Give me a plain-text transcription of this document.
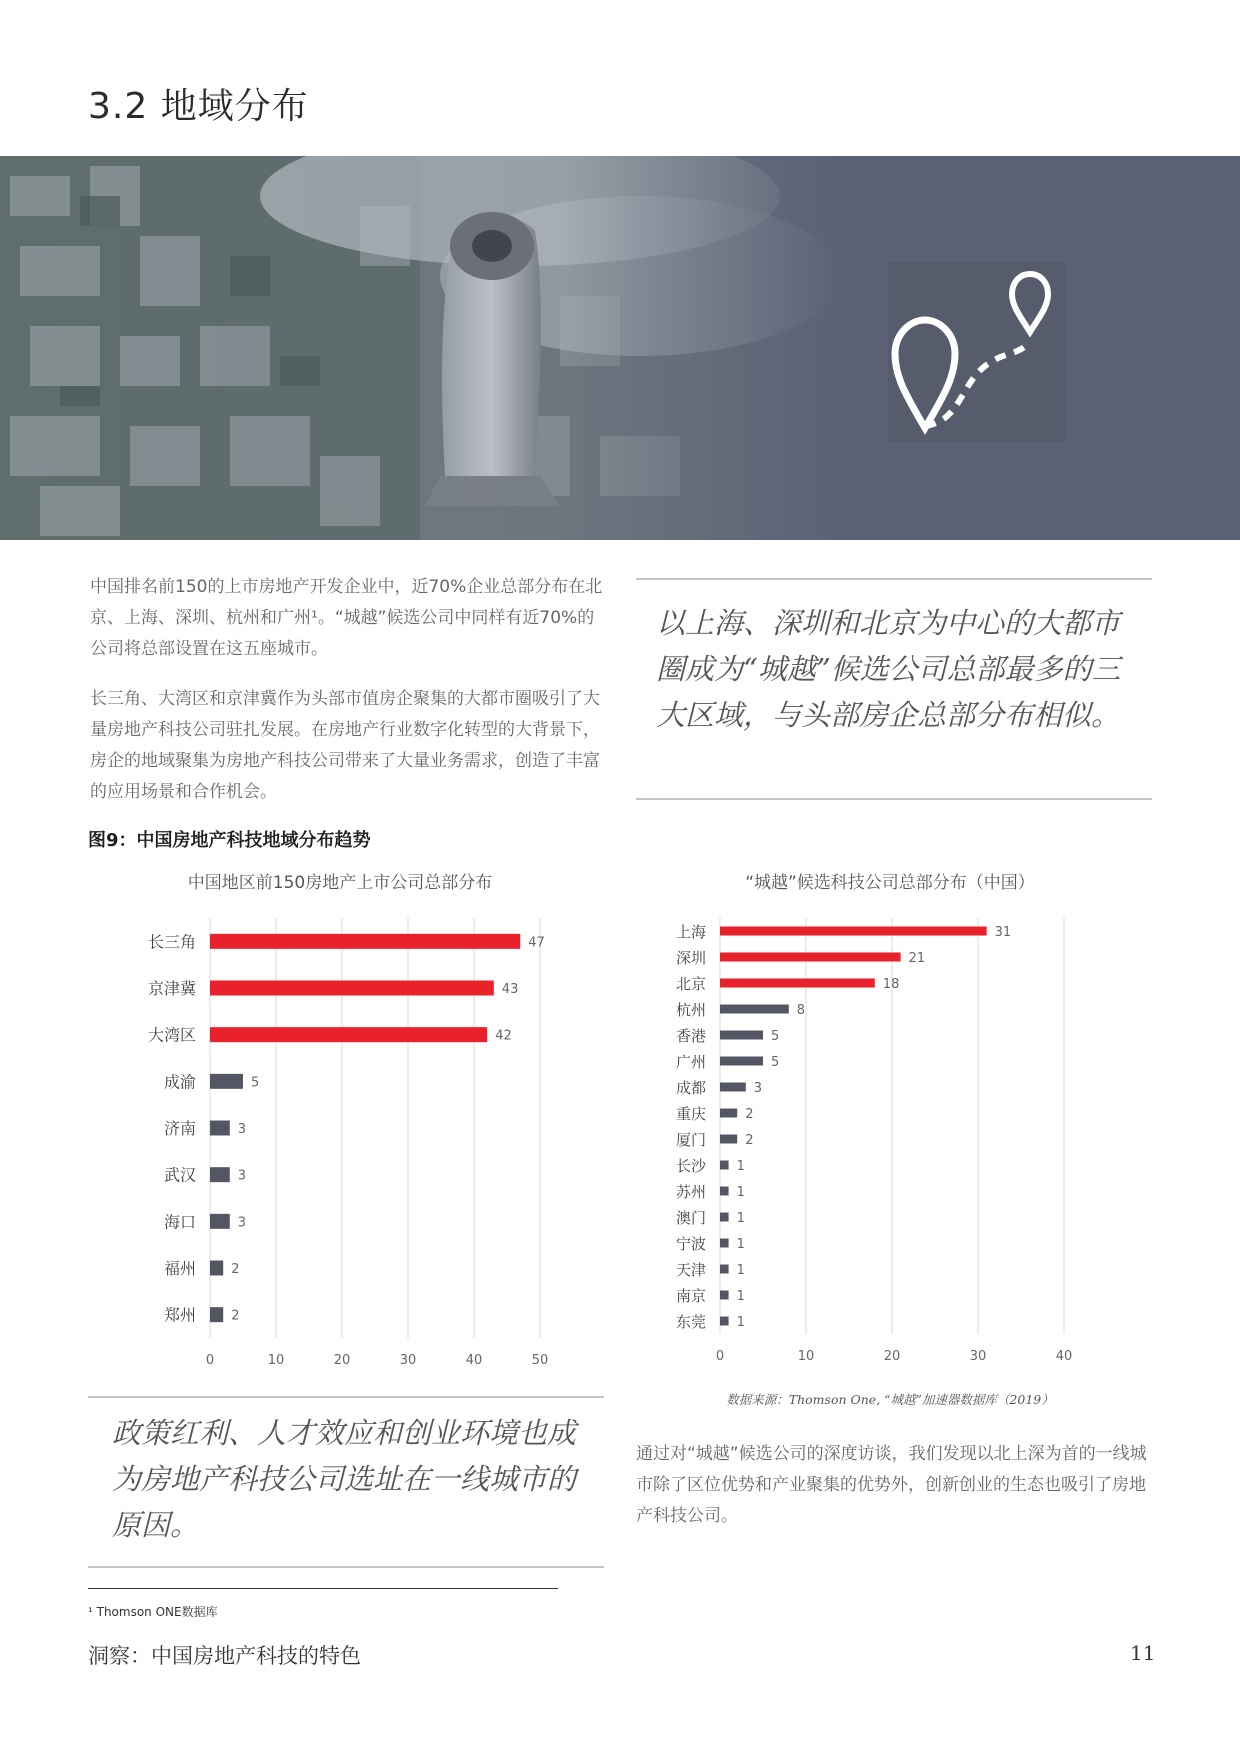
3.2 地域分布
中国排名前150的上市房地产开发企业中，近70%企业总部分布在北京、上海、深圳、杭州和广州¹。“城越”候选公司中同样有近70%的公司将总部设置在这五座城市。
长三角、大湾区和京津冀作为头部市值房企聚集的大都市圈吸引了大量房地产科技公司驻扎发展。在房地产行业数字化转型的大背景下，房企的地域聚集为房地产科技公司带来了大量业务需求，创造了丰富的应用场景和合作机会。
以上海、深圳和北京为中心的大都市圈成为“城越”候选公司总部最多的三大区域，与头部房企总部分布相似。
图9：中国房地产科技地域分布趋势
中国地区前150房地产上市公司总部分布	“城越”候选科技公司总部分布（中国）
0	10	20	30	40	50
长三角	47
京津冀	43
大湾区	42
成渝	5
济南	3
武汉	3
海口	3
福州	2
郑州	2
0	10	20	30	40
上海	31
深圳	21
北京	18
杭州	8
香港	5
广州	5
成都	3
重庆	2
厦门	2
长沙 1
苏州 1
澳门 1
宁波 1
天津 1
南京 1
东莞 1
数据来源：Thomson One, “城越”加速器数据库（2019）
政策红利、人才效应和创业环境也成为房地产科技公司选址在一线城市的原因。
通过对“城越”候选公司的深度访谈，我们发现以北上深为首的一线城市除了区位优势和产业聚集的优势外，创新创业的生态也吸引了房地产科技公司。
¹ Thomson ONE数据库
洞察：中国房地产科技的特色	11
